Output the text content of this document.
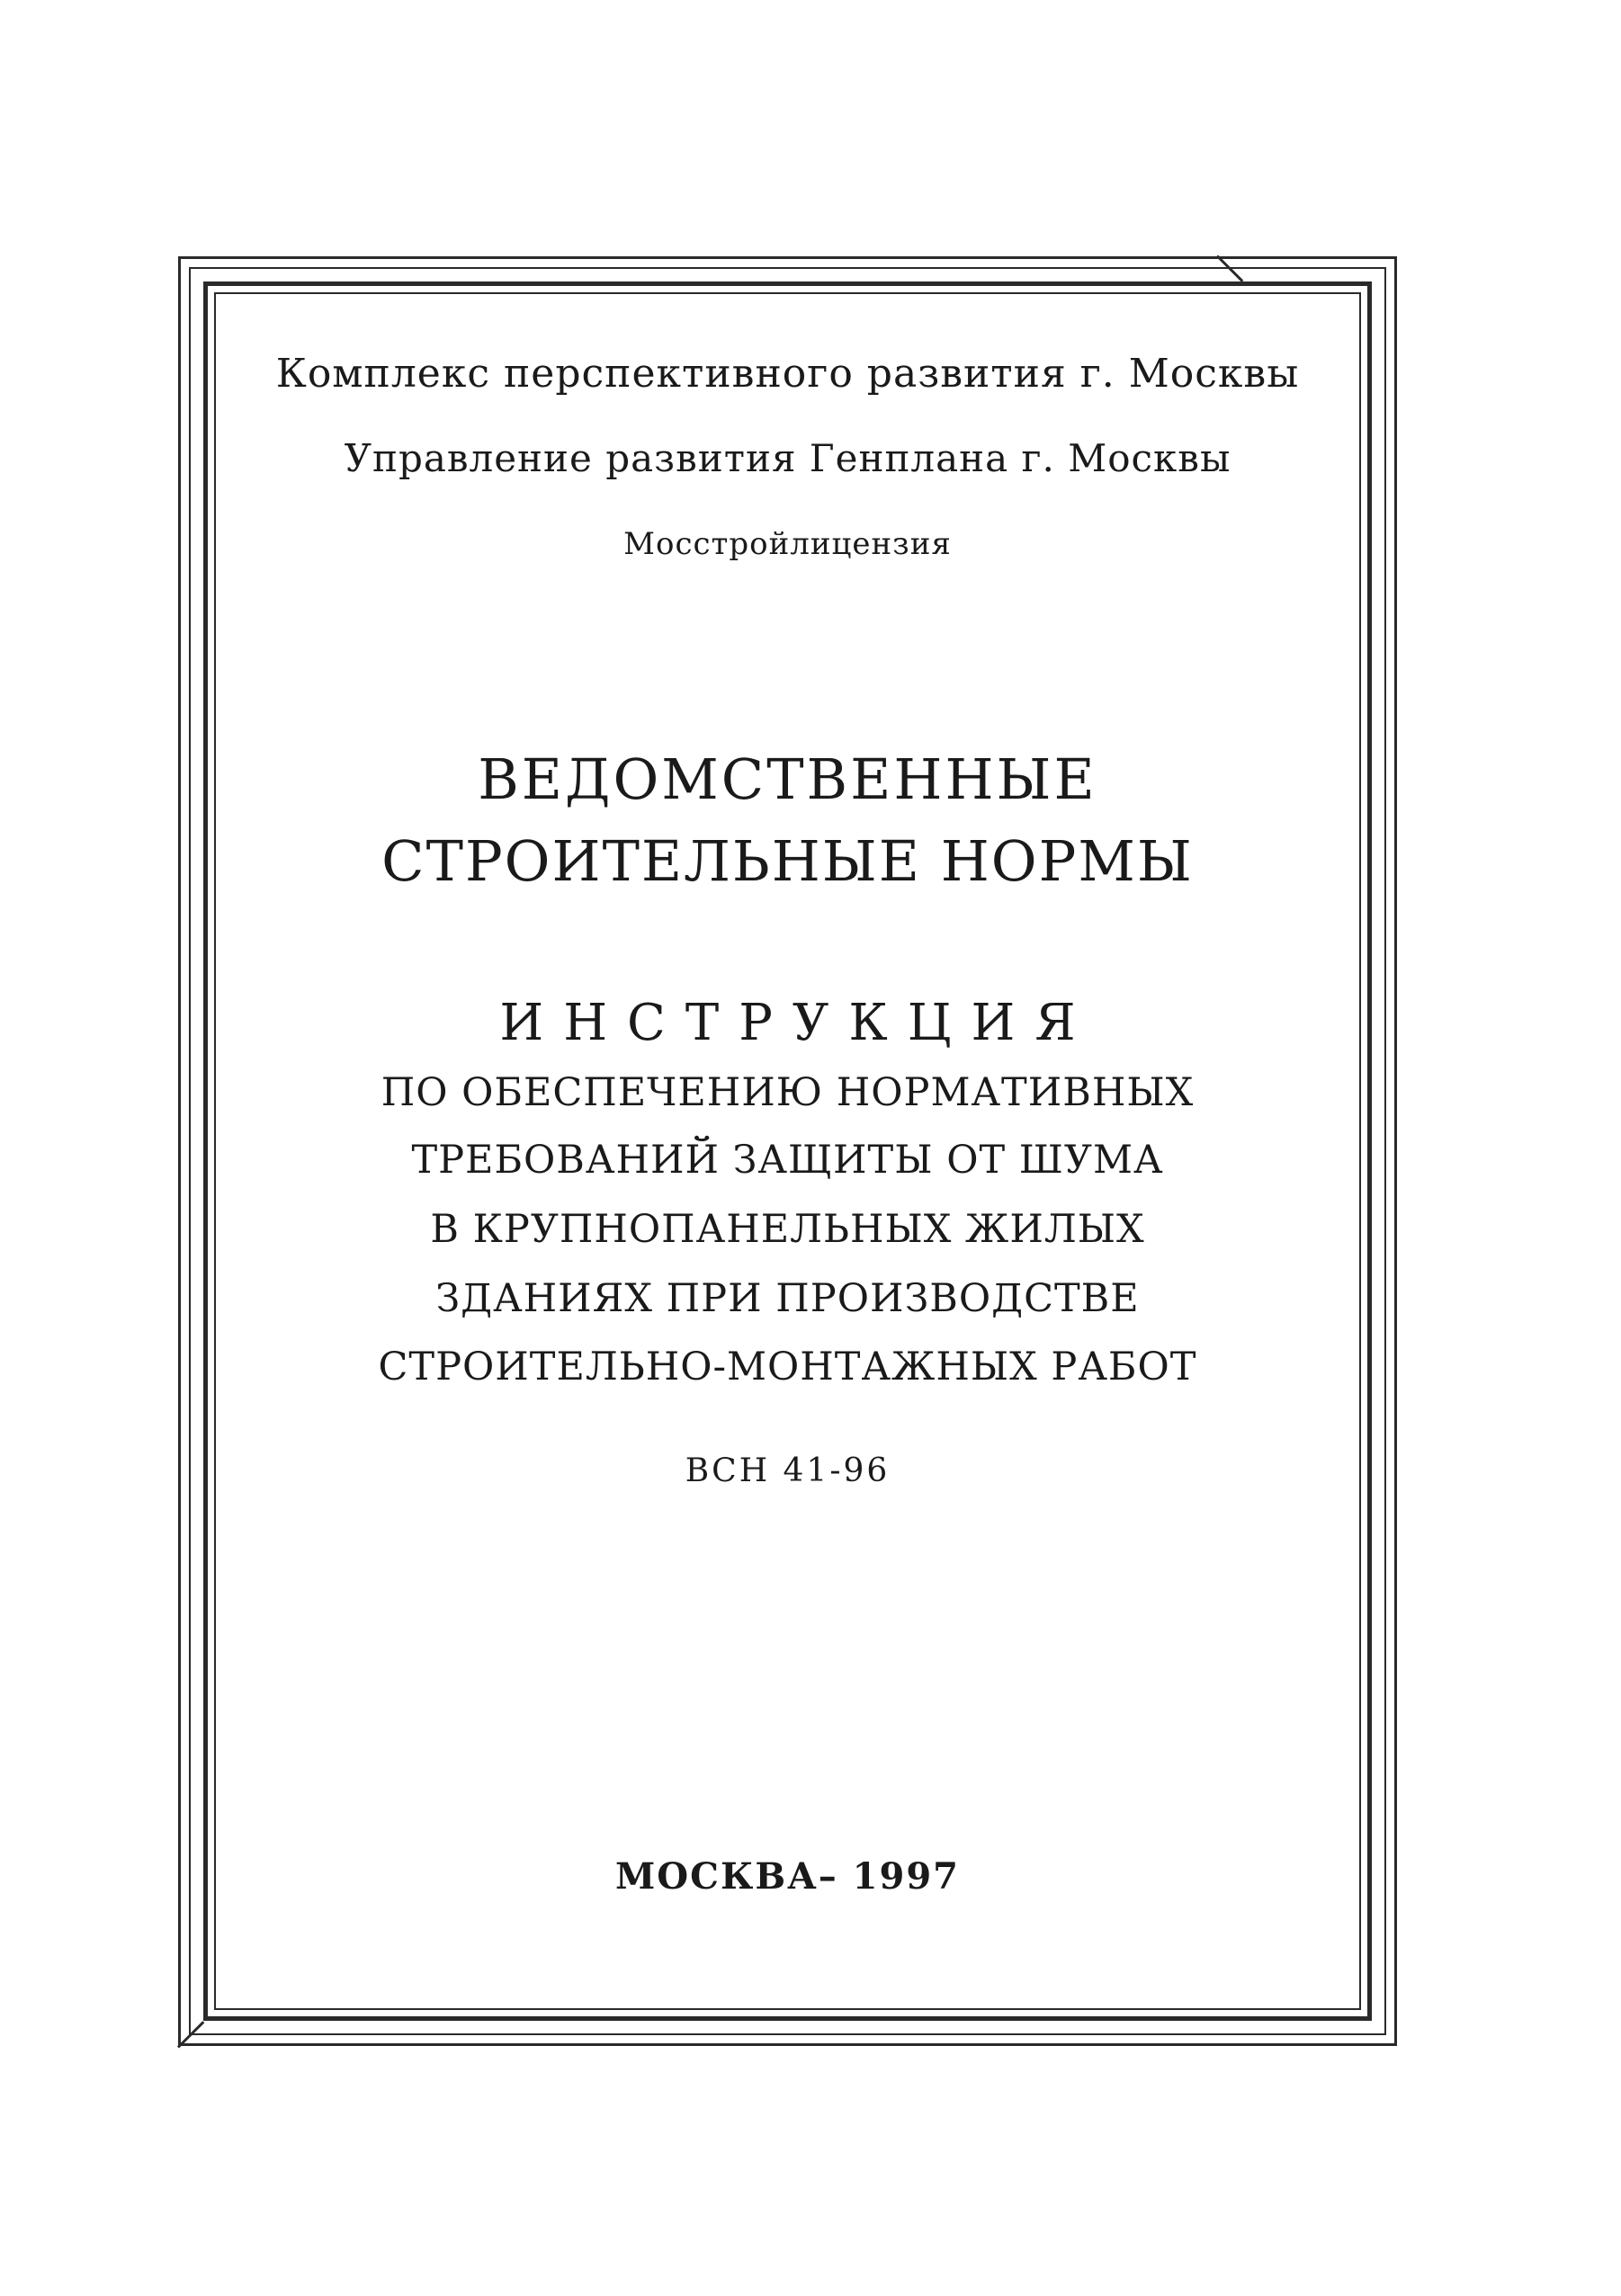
Комплекс перспективного развития г. Москвы
Управление развития Генплана г. Москвы
Мосстройлицензия
ВЕДОМСТВЕННЫЕ
СТРОИТЕЛЬНЫЕ НОРМЫ
ИНСТРУКЦИЯ
ПО ОБЕСПЕЧЕНИЮ НОРМАТИВНЫХ
ТРЕБОВАНИЙ ЗАЩИТЫ ОТ ШУМА
В КРУПНОПАНЕЛЬНЫХ ЖИЛЫХ
ЗДАНИЯХ ПРИ ПРОИЗВОДСТВЕ
СТРОИТЕЛЬНО-МОНТАЖНЫХ РАБОТ
ВСН 41-96
МОСКВА– 1997
